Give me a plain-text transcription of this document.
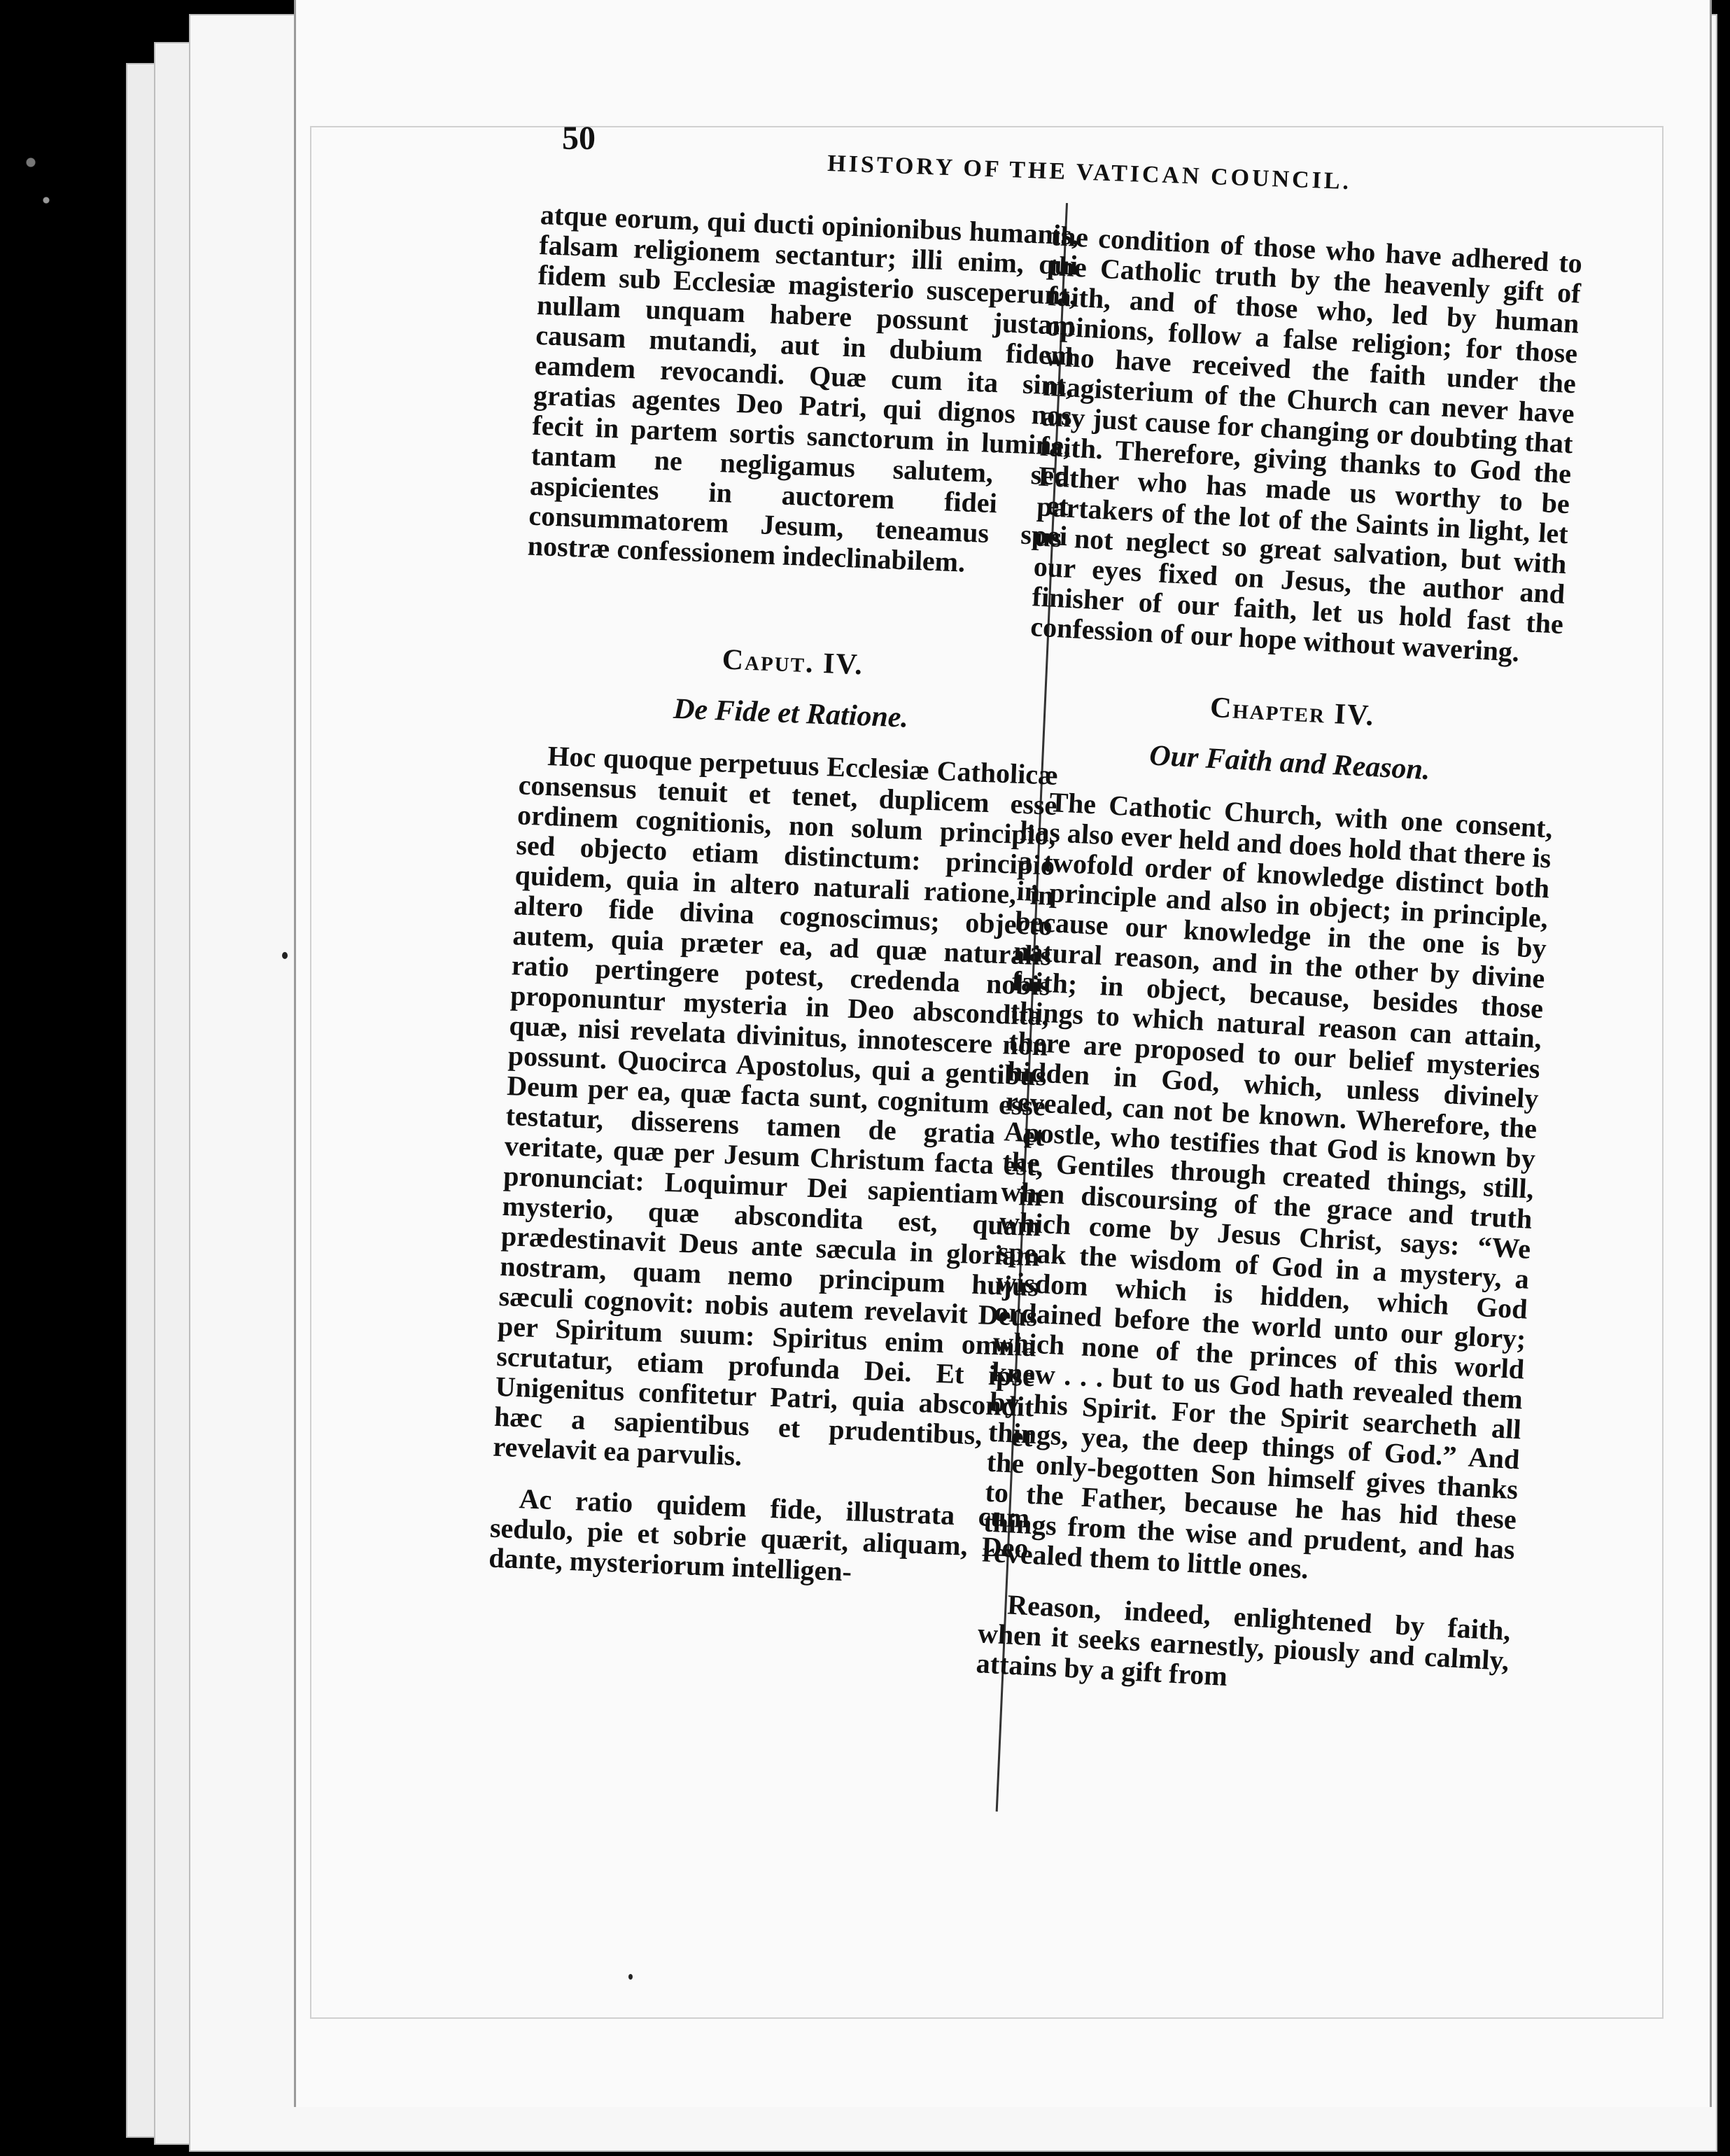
50
HISTORY OF THE VATICAN COUNCIL.

atque eorum, qui ducti opinionibus humanis, falsam religionem sectantur; illi enim, qui fidem sub Ecclesiæ magisterio susceperunt, nullam unquam habere possunt justam causam mutandi, aut in dubium fidem eamdem revocandi. Quæ cum ita sint, gratias agentes Deo Patri, qui dignos nos fecit in partem sortis sanctorum in lumine, tantam ne negligamus salutem, sed aspicientes in auctorem fidei et consummatorem Jesum, teneamus spei nostræ confessionem indeclinabilem.

Caput. IV.
De Fide et Ratione.

Hoc quoque perpetuus Ecclesiæ Catholicæ consensus tenuit et tenet, duplicem esse ordinem cognitionis, non solum principio, sed objecto etiam distinctum: principio quidem, quia in altero naturali ratione, in altero fide divina cognoscimus; objecto autem, quia præter ea, ad quæ naturalis ratio pertingere potest, credenda nobis proponuntur mysteria in Deo abscondita, quæ, nisi revelata divinitus, innotescere non possunt. Quocirca Apostolus, qui a gentibus Deum per ea, quæ facta sunt, cognitum esse testatur, disserens tamen de gratia et veritate, quæ per Jesum Christum facta est, pronunciat: Loquimur Dei sapientiam in mysterio, quæ abscondita est, quam prædestinavit Deus ante sæcula in gloriam nostram, quam nemo principum hujus sæculi cognovit: nobis autem revelavit Deus per Spiritum suum: Spiritus enim omnia scrutatur, etiam profunda Dei. Et ipse Unigenitus confitetur Patri, quia abscondit hæc a sapientibus et prudentibus, et revelavit ea parvulis.

Ac ratio quidem fide, illustrata cum sedulo, pie et sobrie quærit, aliquam, Deo dante, mysteriorum intelligen-

the condition of those who have adhered to the Catholic truth by the heavenly gift of faith, and of those who, led by human opinions, follow a false religion; for those who have received the faith under the magisterium of the Church can never have any just cause for changing or doubting that faith. Therefore, giving thanks to God the Father who has made us worthy to be partakers of the lot of the Saints in light, let us not neglect so great salvation, but with our eyes fixed on Jesus, the author and finisher of our faith, let us hold fast the confession of our hope without wavering.

Chapter IV.
Our Faith and Reason.

The Cathotic Church, with one consent, has also ever held and does hold that there is a twofold order of knowledge distinct both in principle and also in object; in principle, because our knowledge in the one is by natural reason, and in the other by divine faith; in object, because, besides those things to which natural reason can attain, there are proposed to our belief mysteries hidden in God, which, unless divinely revealed, can not be known. Wherefore, the Apostle, who testifies that God is known by the Gentiles through created things, still, when discoursing of the grace and truth which come by Jesus Christ, says: “We speak the wisdom of God in a mystery, a wisdom which is hidden, which God ordained before the world unto our glory; which none of the princes of this world knew . . . but to us God hath revealed them by his Spirit. For the Spirit searcheth all things, yea, the deep things of God.” And the only-begotten Son himself gives thanks to the Father, because he has hid these things from the wise and prudent, and has revealed them to little ones.

Reason, indeed, enlightened by faith, when it seeks earnestly, piously and calmly, attains by a gift from
